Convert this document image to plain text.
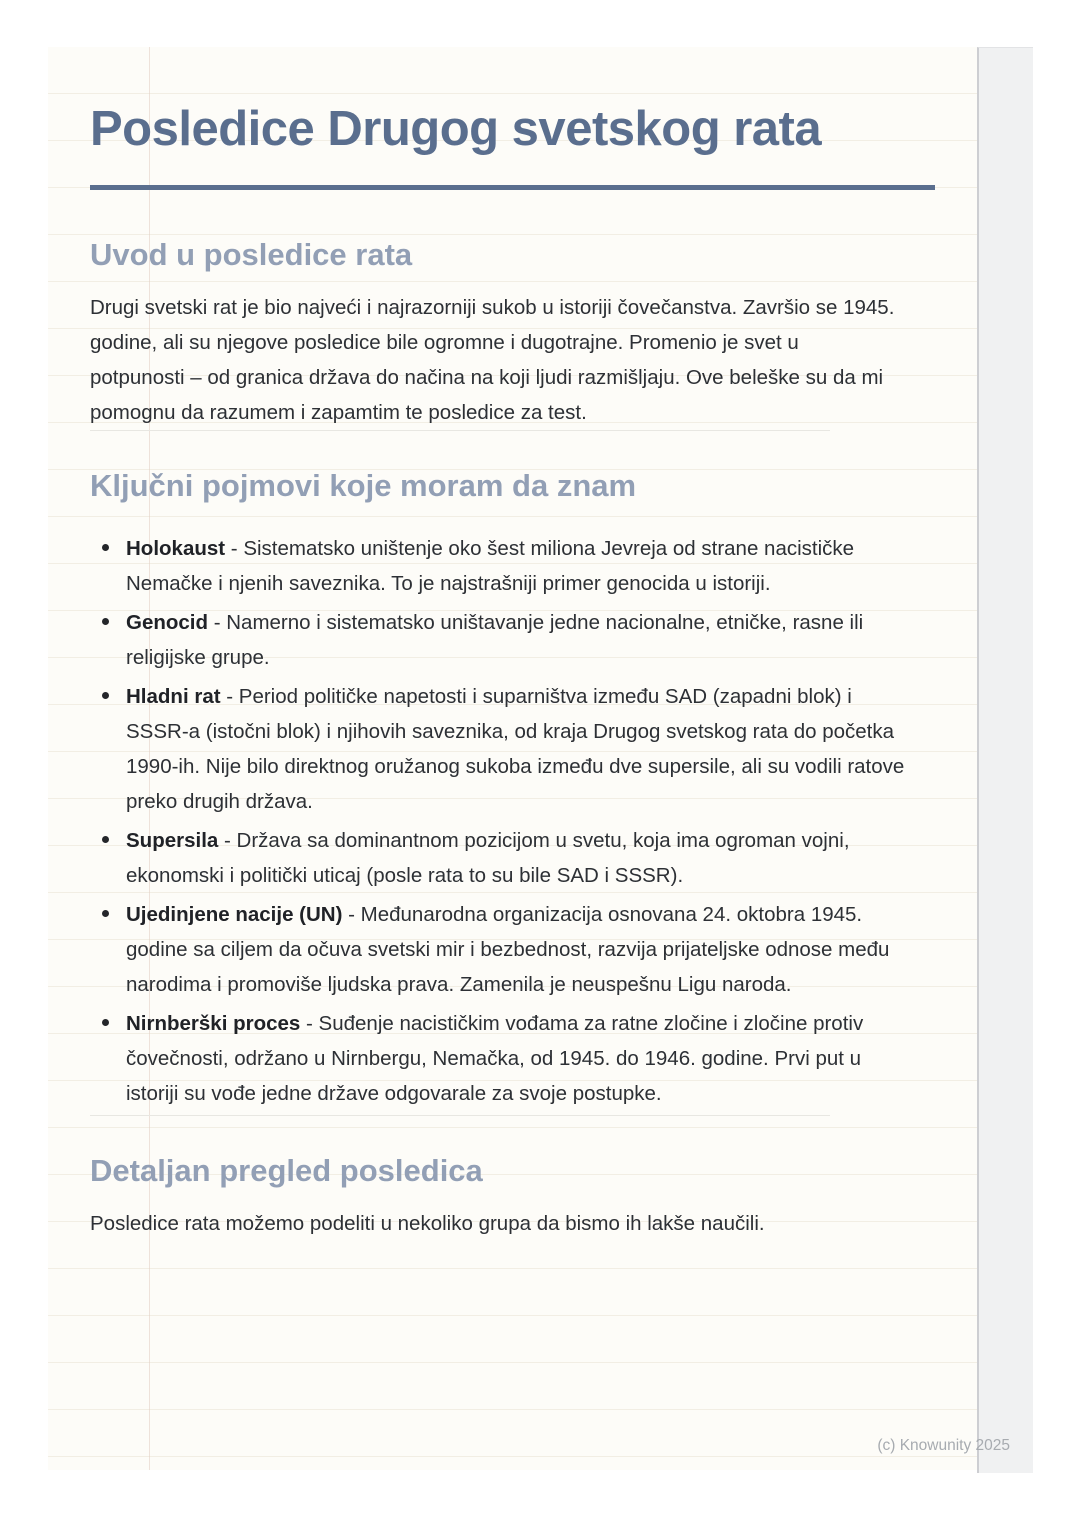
Posledice Drugog svetskog rata
Uvod u posledice rata

Drugi svetski rat je bio najveći i najrazorniji sukob u istoriji čovečanstva. Završio se 1945. godine, ali su njegove posledice bile ogromne i dugotrajne. Promenio je svet u potpunosti – od granica država do načina na koji ljudi razmišljaju. Ove beleške su da mi pomognu da razumem i zapamtim te posledice za test.

Ključni pojmovi koje moram da znam
Holokaust - Sistematsko uništenje oko šest miliona Jevreja od strane nacističke Nemačke i njenih saveznika. To je najstrašniji primer genocida u istoriji.
Genocid - Namerno i sistematsko uništavanje jedne nacionalne, etničke, rasne ili religijske grupe.
Hladni rat - Period političke napetosti i suparništva između SAD (zapadni blok) i SSSR-a (istočni blok) i njihovih saveznika, od kraja Drugog svetskog rata do početka 1990-ih. Nije bilo direktnog oružanog sukoba između dve supersile, ali su vodili ratove preko drugih država.
Supersila - Država sa dominantnom pozicijom u svetu, koja ima ogroman vojni, ekonomski i politički uticaj (posle rata to su bile SAD i SSSR).
Ujedinjene nacije (UN) - Međunarodna organizacija osnovana 24. oktobra 1945. godine sa ciljem da očuva svetski mir i bezbednost, razvija prijateljske odnose među narodima i promoviše ljudska prava. Zamenila je neuspešnu Ligu naroda.
Nirnberški proces - Suđenje nacističkim vođama za ratne zločine i zločine protiv čovečnosti, održano u Nirnbergu, Nemačka, od 1945. do 1946. godine. Prvi put u istoriji su vođe jedne države odgovarale za svoje postupke.
Detaljan pregled posledica

Posledice rata možemo podeliti u nekoliko grupa da bismo ih lakše naučili.

(c) Knowunity 2025
